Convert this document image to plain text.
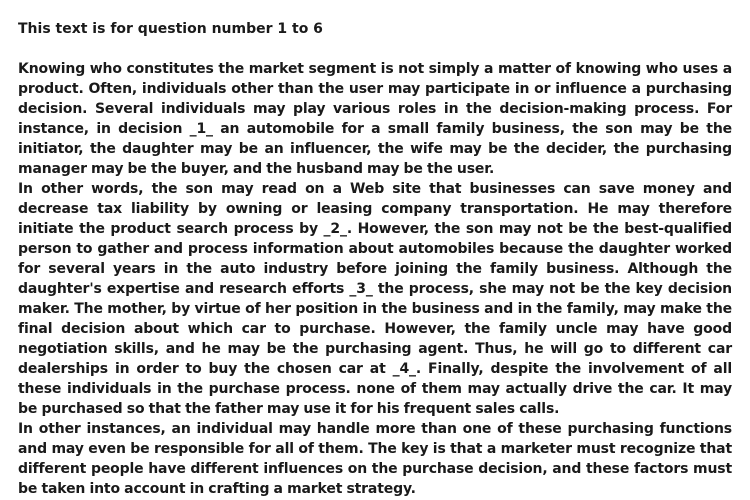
This text is for question number 1 to 6

Knowing who constitutes the market segment is not simply a matter of knowing who uses a product. Often, individuals other than the user may participate in or influence a purchasing decision. Several individuals may play various roles in the decision-making process. For instance, in decision _1_ an automobile for a small family business, the son may be the initiator, the daughter may be an influencer, the wife may be the decider, the purchasing manager may be the buyer, and the husband may be the user.

In other words, the son may read on a Web site that businesses can save money and decrease tax liability by owning or leasing company transportation. He may therefore initiate the product search process by _2_. However, the son may not be the best-qualified person to gather and process information about automobiles because the daughter worked for several years in the auto industry before joining the family business. Although the daughter's expertise and research efforts _3_ the process, she may not be the key decision maker. The mother, by virtue of her position in the business and in the family, may make the final decision about which car to purchase. However, the family uncle may have good negotiation skills, and he may be the purchasing agent. Thus, he will go to different car dealerships in order to buy the chosen car at _4_. Finally, despite the involvement of all these individuals in the purchase process. none of them may actually drive the car. It may be purchased so that the father may use it for his frequent sales calls.

In other instances, an individual may handle more than one of these purchasing functions and may even be responsible for all of them. The key is that a marketer must recognize that different people have different influences on the purchase decision, and these factors must be taken into account in crafting a market strategy.
